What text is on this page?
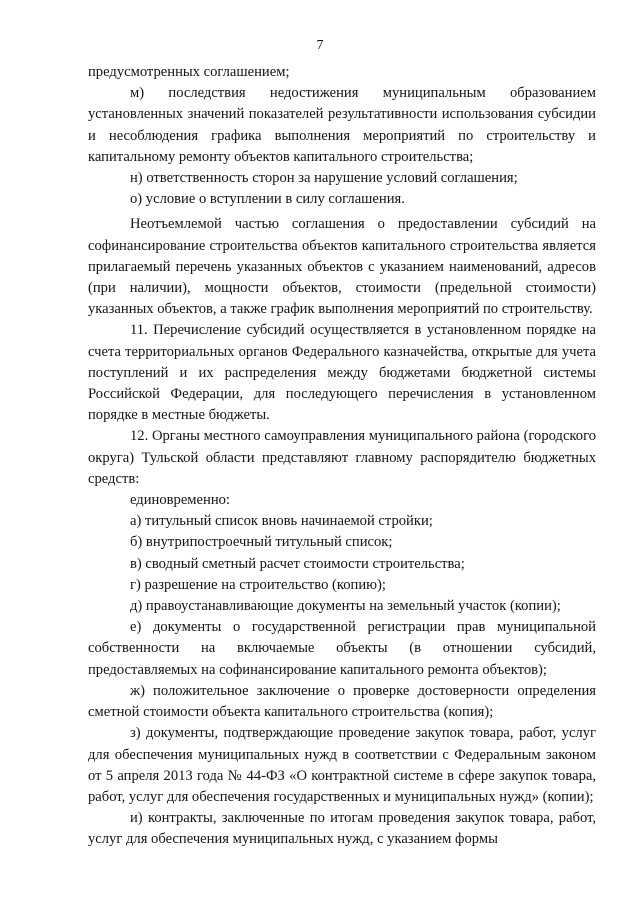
7

предусмотренных соглашением;

м) последствия недостижения муниципальным образованием установленных значений показателей результативности использования субсидии и несоблюдения графика выполнения мероприятий по строительству и капитальному ремонту объектов капитального строительства;

н) ответственность сторон за нарушение условий соглашения;

о) условие о вступлении в силу соглашения.

Неотъемлемой частью соглашения о предоставлении субсидий на софинансирование строительства объектов капитального строительства является прилагаемый перечень указанных объектов с указанием наименований, адресов (при наличии), мощности объектов, стоимости (предельной стоимости) указанных объектов, а также график выполнения мероприятий по строительству.

11. Перечисление субсидий осуществляется в установленном порядке на счета территориальных органов Федерального казначейства, открытые для учета поступлений и их распределения между бюджетами бюджетной системы Российской Федерации, для последующего перечисления в установленном порядке в местные бюджеты.

12. Органы местного самоуправления муниципального района (городского округа) Тульской области представляют главному распорядителю бюджетных средств:

единовременно:

а) титульный список вновь начинаемой стройки;

б) внутрипостроечный титульный список;

в) сводный сметный расчет стоимости строительства;

г) разрешение на строительство (копию);

д) правоустанавливающие документы на земельный участок (копии);

е) документы о государственной регистрации прав муниципальной собственности на включаемые объекты (в отношении субсидий, предоставляемых на софинансирование капитального ремонта объектов);

ж) положительное заключение о проверке достоверности определения сметной стоимости объекта капитального строительства (копия);

з) документы, подтверждающие проведение закупок товара, работ, услуг для обеспечения муниципальных нужд в соответствии с Федеральным законом от 5 апреля 2013 года № 44-ФЗ «О контрактной системе в сфере закупок товара, работ, услуг для обеспечения государственных и муниципальных нужд» (копии);

и) контракты, заключенные по итогам проведения закупок товара, работ, услуг для обеспечения муниципальных нужд, с указанием формы
